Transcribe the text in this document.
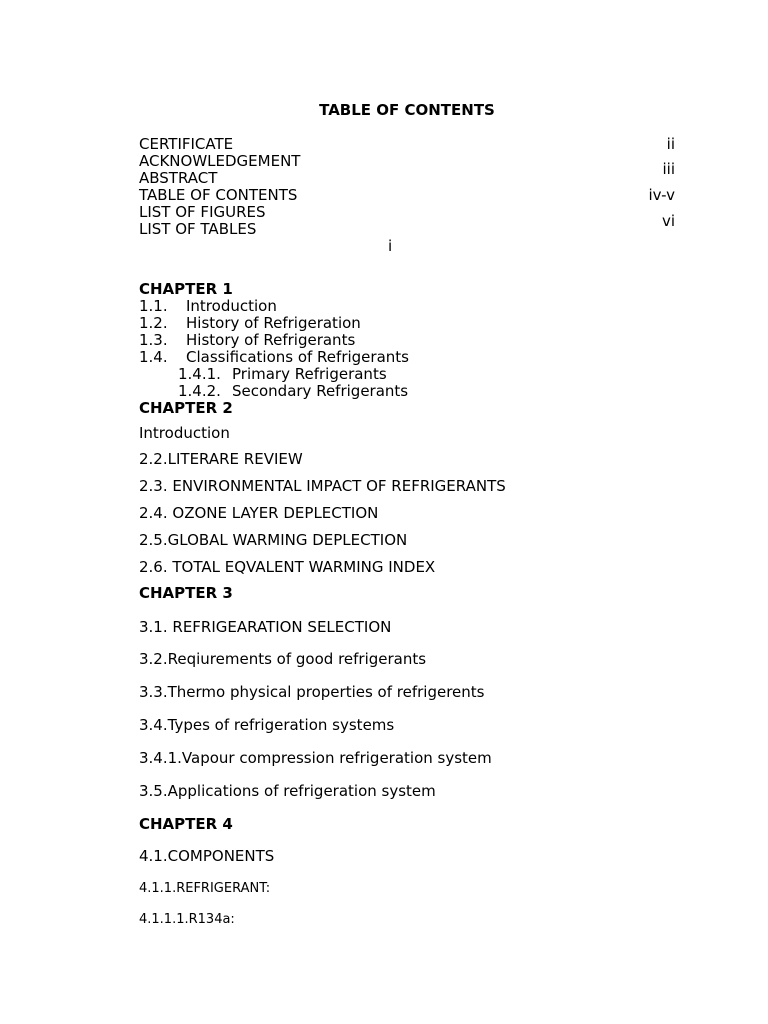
TABLE OF CONTENTS
CERTIFICATE
ACKNOWLEDGEMENT
ABSTRACT
TABLE OF CONTENTS
LIST OF FIGURES
LIST OF TABLES
ii
iii
iv-v
vi
i
CHAPTER 1
1.1. Introduction
1.2. History of Refrigeration
1.3. History of Refrigerants
1.4. Classifications of Refrigerants
1.4.1. Primary Refrigerants
1.4.2. Secondary Refrigerants
CHAPTER 2
Introduction
2.2.LITERARE REVIEW
2.3. ENVIRONMENTAL IMPACT OF REFRIGERANTS
2.4. OZONE LAYER DEPLECTION
2.5.GLOBAL WARMING DEPLECTION
2.6. TOTAL EQVALENT WARMING INDEX
CHAPTER 3
3.1. REFRIGEARATION SELECTION
3.2.Reqiurements of good refrigerants
3.3.Thermo physical properties of refrigerents
3.4.Types of refrigeration systems
3.4.1.Vapour compression refrigeration system
3.5.Applications of refrigeration system
CHAPTER 4
4.1.COMPONENTS
4.1.1.REFRIGERANT:
4.1.1.1.R134a:
